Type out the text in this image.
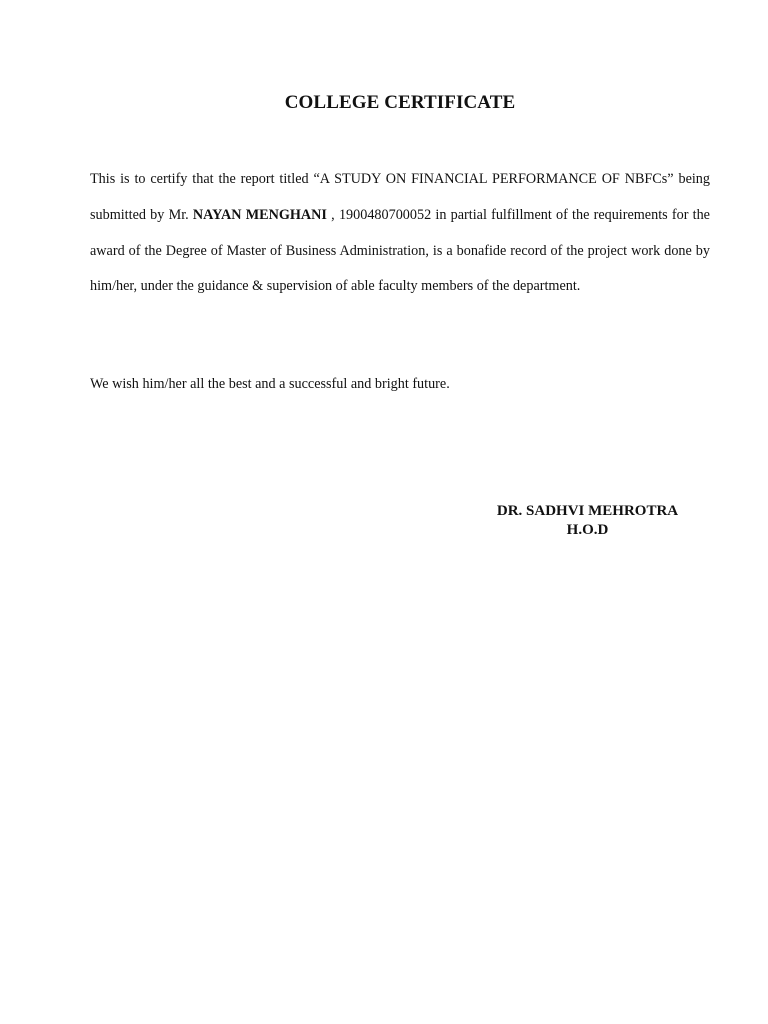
COLLEGE CERTIFICATE

This is to certify that the report titled “A STUDY ON FINANCIAL PERFORMANCE OF NBFCs” being submitted by Mr. NAYAN MENGHANI , 1900480700052 in partial fulfillment of the requirements for the award of the Degree of Master of Business Administration, is a bonafide record of the project work done by him/her, under the guidance & supervision of able faculty members of the department.

We wish him/her all the best and a successful and bright future.

DR. SADHVI MEHROTRA
H.O.D
